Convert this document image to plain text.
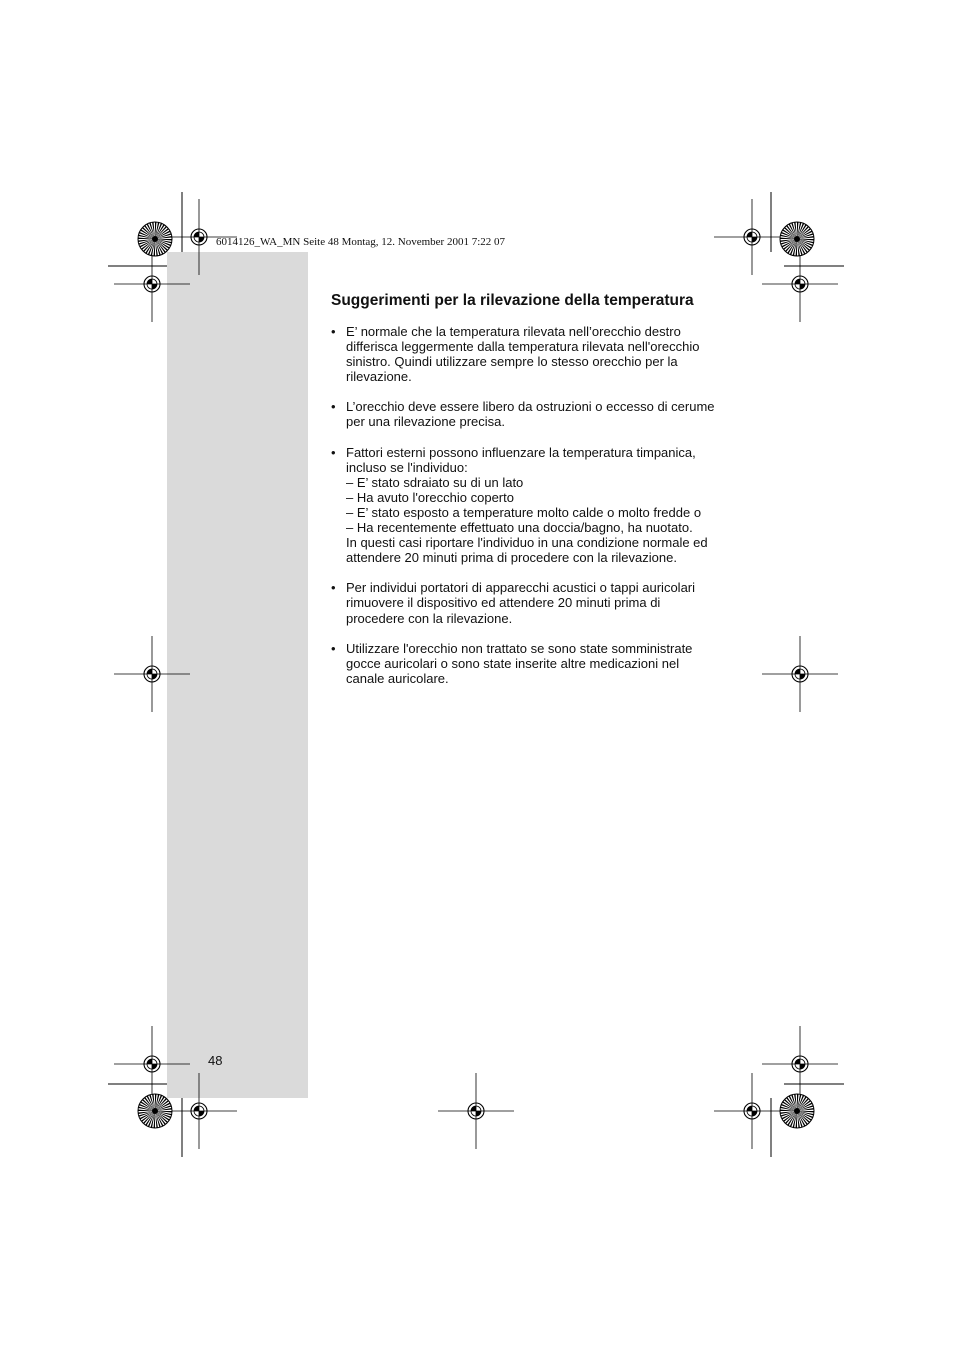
6014126_WA_MN Seite 48 Montag, 12. November 2001 7:22 07
Suggerimenti per la rilevazione della temperatura
• E’ normale che la temperatura rilevata nell’orecchio destro
differisca leggermente dalla temperatura rilevata nell'orecchio
sinistro. Quindi utilizzare sempre lo stesso orecchio per la
rilevazione.
• L’orecchio deve essere libero da ostruzioni o eccesso di cerume
per una rilevazione precisa.
• Fattori esterni possono influenzare la temperatura timpanica,
incluso se l'individuo:
– E’ stato sdraiato su di un lato
– Ha avuto l'orecchio coperto
– E’ stato esposto a temperature molto calde o molto fredde o
– Ha recentemente effettuato una doccia/bagno, ha nuotato.
In questi casi riportare l'individuo in una condizione normale ed
attendere 20 minuti prima di procedere con la rilevazione.
• Per individui portatori di apparecchi acustici o tappi auricolari
rimuovere il dispositivo ed attendere 20 minuti prima di
procedere con la rilevazione.
• Utilizzare l'orecchio non trattato se sono state somministrate
gocce auricolari o sono state inserite altre medicazioni nel
canale auricolare.
48
